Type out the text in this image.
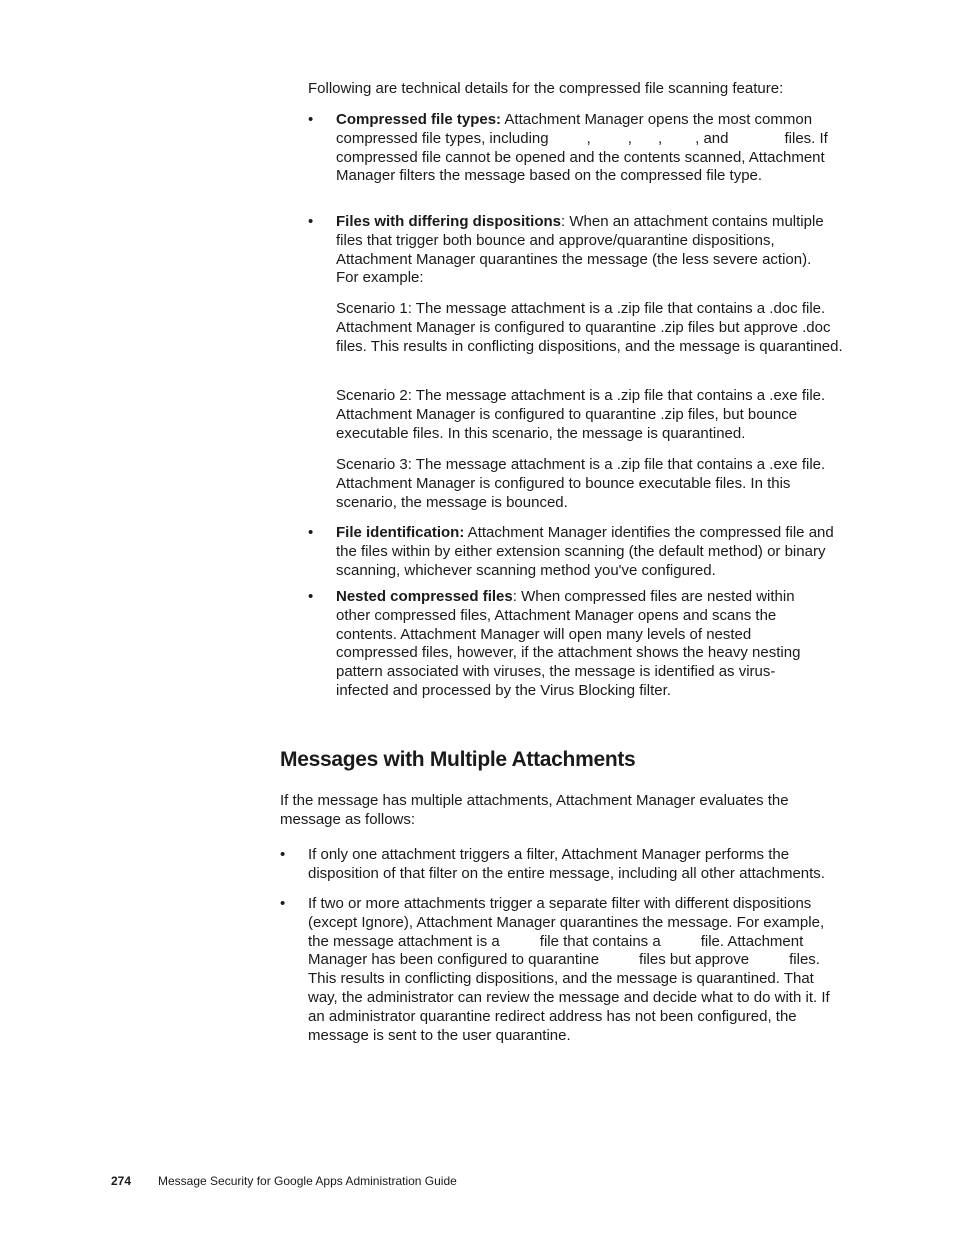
Following are technical details for the compressed file scanning feature:

• Compressed file types: Attachment Manager opens the most common compressed file types, including	, , , , and	files. If compressed file cannot be opened and the contents scanned, Attachment Manager filters the message based on the compressed file type.

• Files with differing dispositions: When an attachment contains multiple files that trigger both bounce and approve/quarantine dispositions, Attachment Manager quarantines the message (the less severe action). For example:

Scenario 1: The message attachment is a .zip file that contains a .doc file. Attachment Manager is configured to quarantine .zip files but approve .doc files. This results in conflicting dispositions, and the message is quarantined.

Scenario 2: The message attachment is a .zip file that contains a .exe file. Attachment Manager is configured to quarantine .zip files, but bounce executable files. In this scenario, the message is quarantined.

Scenario 3: The message attachment is a .zip file that contains a .exe file. Attachment Manager is configured to bounce executable files. In this scenario, the message is bounced.

• File identification: Attachment Manager identifies the compressed file and the files within by either extension scanning (the default method) or binary scanning, whichever scanning method you've configured.

• Nested compressed files: When compressed files are nested within other compressed files, Attachment Manager opens and scans the contents. Attachment Manager will open many levels of nested compressed files, however, if the attachment shows the heavy nesting pattern associated with viruses, the message is identified as virus-infected and processed by the Virus Blocking filter.

Messages with Multiple Attachments

If the message has multiple attachments, Attachment Manager evaluates the message as follows:

• If only one attachment triggers a filter, Attachment Manager performs the disposition of that filter on the entire message, including all other attachments.

• If two or more attachments trigger a separate filter with different dispositions (except Ignore), Attachment Manager quarantines the message. For example, the message attachment is a	file that contains a	file. Attachment Manager has been configured to quarantine	files but approve	files. This results in conflicting dispositions, and the message is quarantined. That way, the administrator can review the message and decide what to do with it. If an administrator quarantine redirect address has not been configured, the message is sent to the user quarantine.

274 Message Security for Google Apps Administration Guide
